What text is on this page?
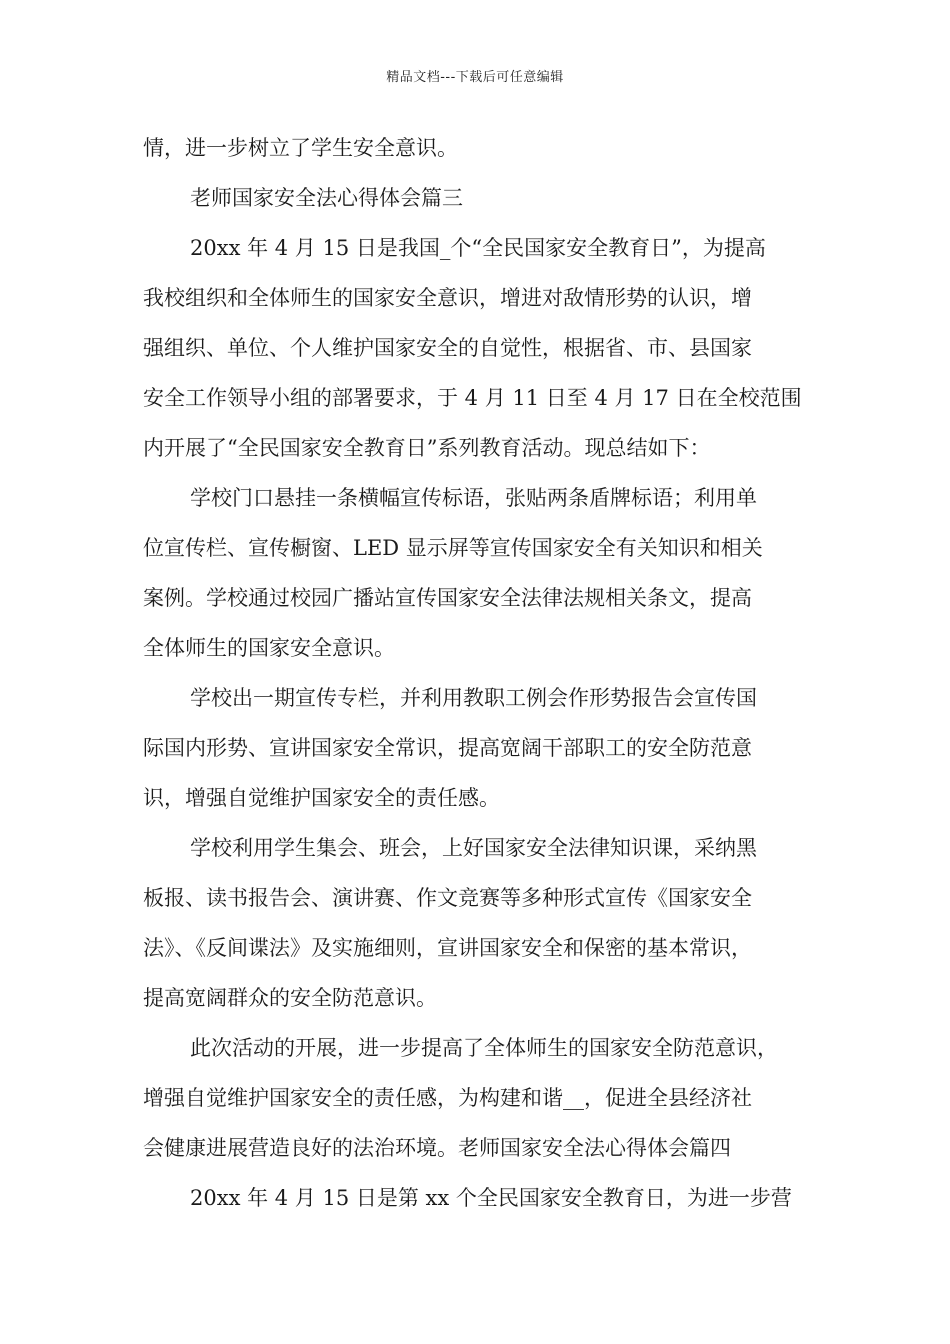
精品文档---下载后可任意编辑
情，进一步树立了学生安全意识。
老师国家安全法心得体会篇三
20xx 年 4 月 15 日是我国_个“全民国家安全教育日”，为提高
我校组织和全体师生的国家安全意识，增进对敌情形势的认识，增
强组织、单位、个人维护国家安全的自觉性，根据省、市、县国家
安全工作领导小组的部署要求，于 4 月 11 日至 4 月 17 日在全校范围
内开展了“全民国家安全教育日”系列教育活动。现总结如下：
学校门口悬挂一条横幅宣传标语，张贴两条盾牌标语；利用单
位宣传栏、宣传橱窗、LED 显示屏等宣传国家安全有关知识和相关
案例。学校通过校园广播站宣传国家安全法律法规相关条文，提高
全体师生的国家安全意识。
学校出一期宣传专栏，并利用教职工例会作形势报告会宣传国
际国内形势、宣讲国家安全常识，提高宽阔干部职工的安全防范意
识，增强自觉维护国家安全的责任感。
学校利用学生集会、班会，上好国家安全法律知识课，采纳黑
板报、读书报告会、演讲赛、作文竞赛等多种形式宣传《国家安全
法》、《反间谍法》及实施细则，宣讲国家安全和保密的基本常识，
提高宽阔群众的安全防范意识。
此次活动的开展，进一步提高了全体师生的国家安全防范意识，
增强自觉维护国家安全的责任感，为构建和谐__，促进全县经济社
会健康进展营造良好的法治环境。老师国家安全法心得体会篇四
20xx 年 4 月 15 日是第 xx 个全民国家安全教育日，为进一步营
